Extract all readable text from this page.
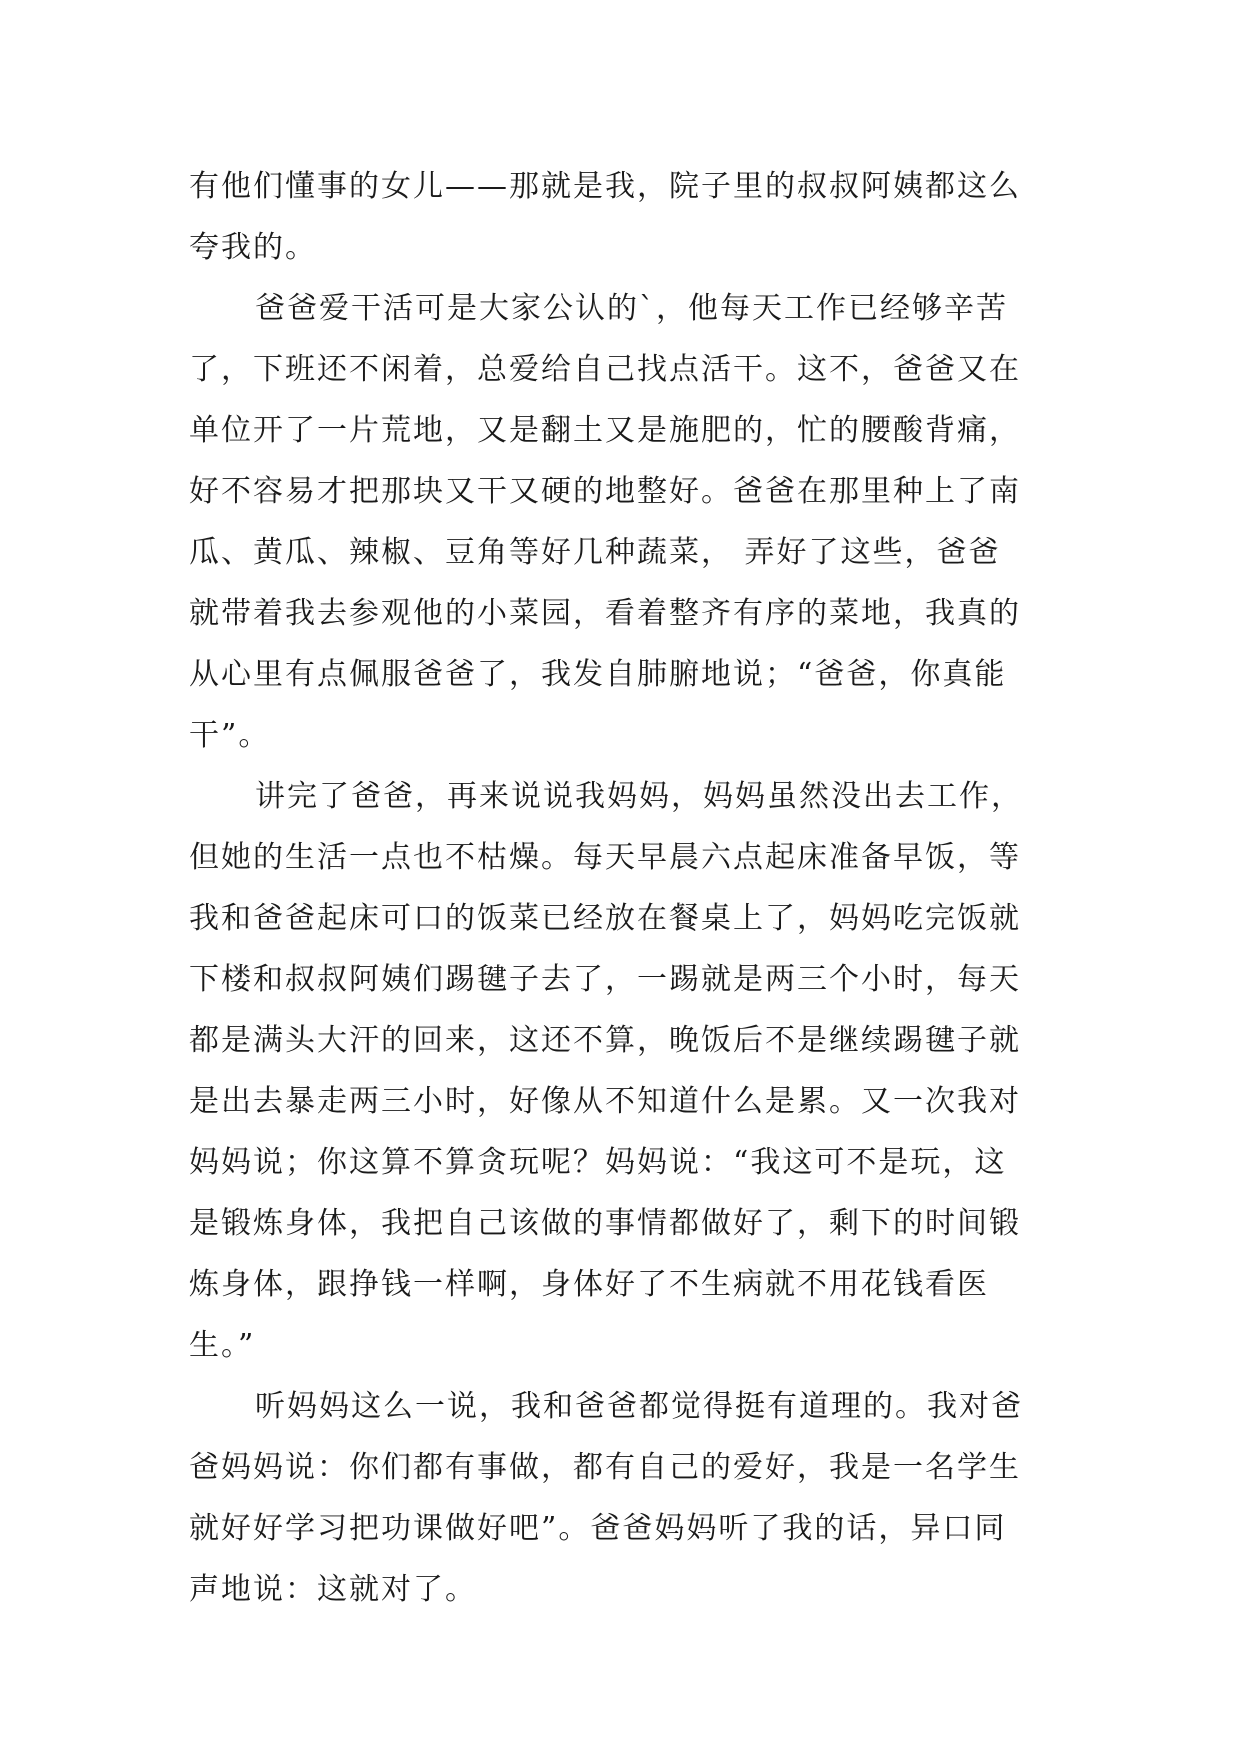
有他们懂事的女儿——那就是我，院子里的叔叔阿姨都这么
夸我的。
爸爸爱干活可是大家公认的`，他每天工作已经够辛苦
了，下班还不闲着，总爱给自己找点活干。这不，爸爸又在
单位开了一片荒地，又是翻土又是施肥的，忙的腰酸背痛，
好不容易才把那块又干又硬的地整好。爸爸在那里种上了南
瓜、黄瓜、辣椒、豆角等好几种蔬菜， 弄好了这些，爸爸
就带着我去参观他的小菜园，看着整齐有序的菜地，我真的
从心里有点佩服爸爸了，我发自肺腑地说；“爸爸，你真能
干”。
讲完了爸爸，再来说说我妈妈，妈妈虽然没出去工作，
但她的生活一点也不枯燥。每天早晨六点起床准备早饭，等
我和爸爸起床可口的饭菜已经放在餐桌上了，妈妈吃完饭就
下楼和叔叔阿姨们踢毽子去了，一踢就是两三个小时，每天
都是满头大汗的回来，这还不算，晚饭后不是继续踢毽子就
是出去暴走两三小时，好像从不知道什么是累。又一次我对
妈妈说；你这算不算贪玩呢？妈妈说：“我这可不是玩，这
是锻炼身体，我把自己该做的事情都做好了，剩下的时间锻
炼身体，跟挣钱一样啊，身体好了不生病就不用花钱看医
生。”
听妈妈这么一说，我和爸爸都觉得挺有道理的。我对爸
爸妈妈说：你们都有事做，都有自己的爱好，我是一名学生
就好好学习把功课做好吧”。爸爸妈妈听了我的话，异口同
声地说：这就对了。
